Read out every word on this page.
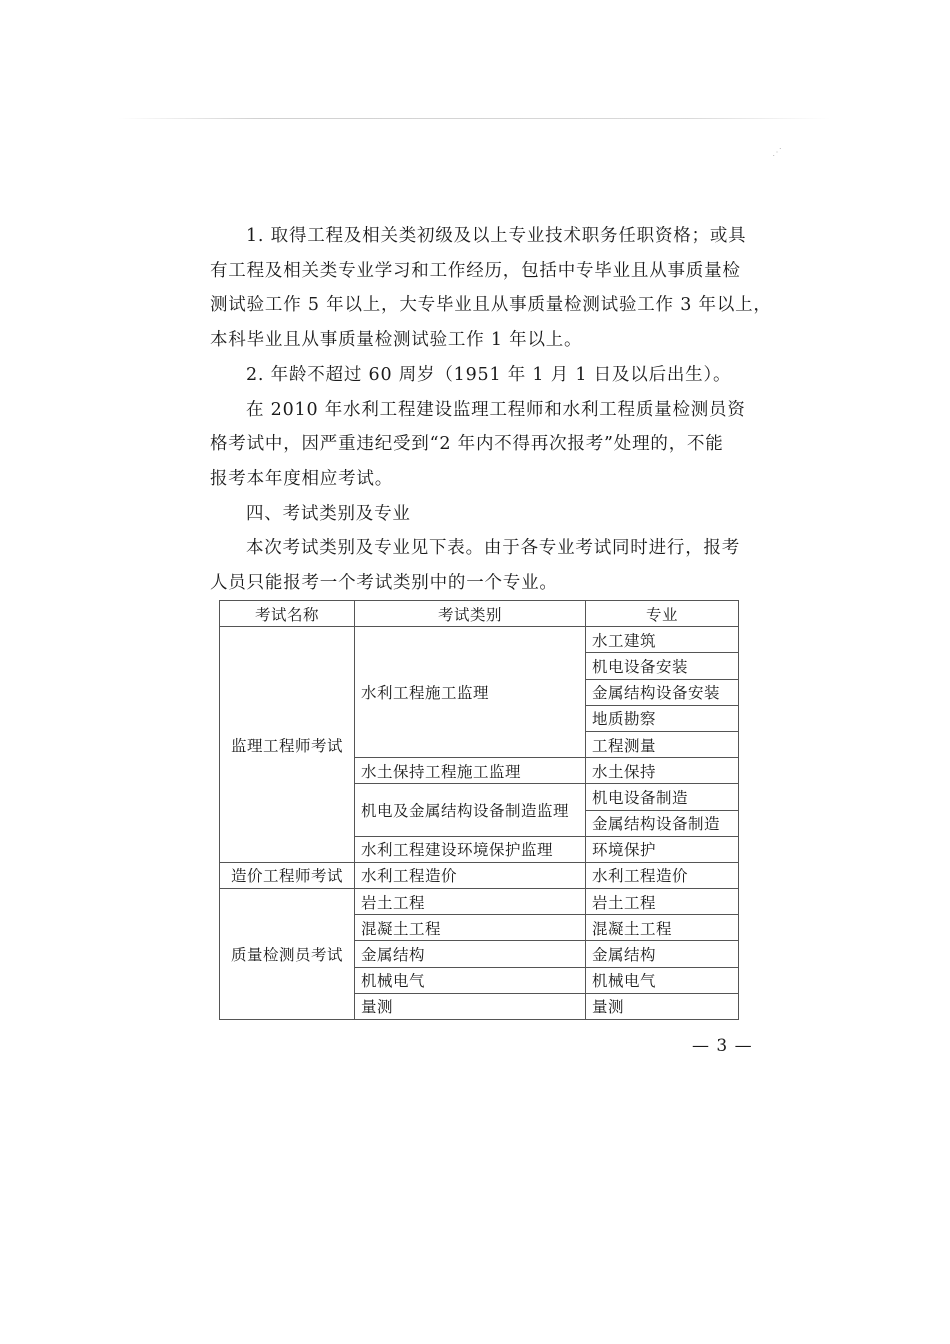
⋰

1. 取得工程及相关类初级及以上专业技术职务任职资格；或具
有工程及相关类专业学习和工作经历，包括中专毕业且从事质量检
测试验工作 5 年以上，大专毕业且从事质量检测试验工作 3 年以上，
本科毕业且从事质量检测试验工作 1 年以上。

2. 年龄不超过 60 周岁（1951 年 1 月 1 日及以后出生）。

在 2010 年水利工程建设监理工程师和水利工程质量检测员资
格考试中，因严重违纪受到“2 年内不得再次报考”处理的，不能
报考本年度相应考试。

四、考试类别及专业

本次考试类别及专业见下表。由于各专业考试同时进行，报考
人员只能报考一个考试类别中的一个专业。

考试名称	考试类别	专业
监理工程师考试	水利工程施工监理	水工建筑
		机电设备安装
		金属结构设备安装
		地质勘察
		工程测量
	水土保持工程施工监理	水土保持
	机电及金属结构设备制造监理	机电设备制造
		金属结构设备制造
	水利工程建设环境保护监理	环境保护
造价工程师考试	水利工程造价	水利工程造价
质量检测员考试	岩土工程	岩土工程
	混凝土工程	混凝土工程
	金属结构	金属结构
	机械电气	机械电气
	量测	量测
— 3 —
